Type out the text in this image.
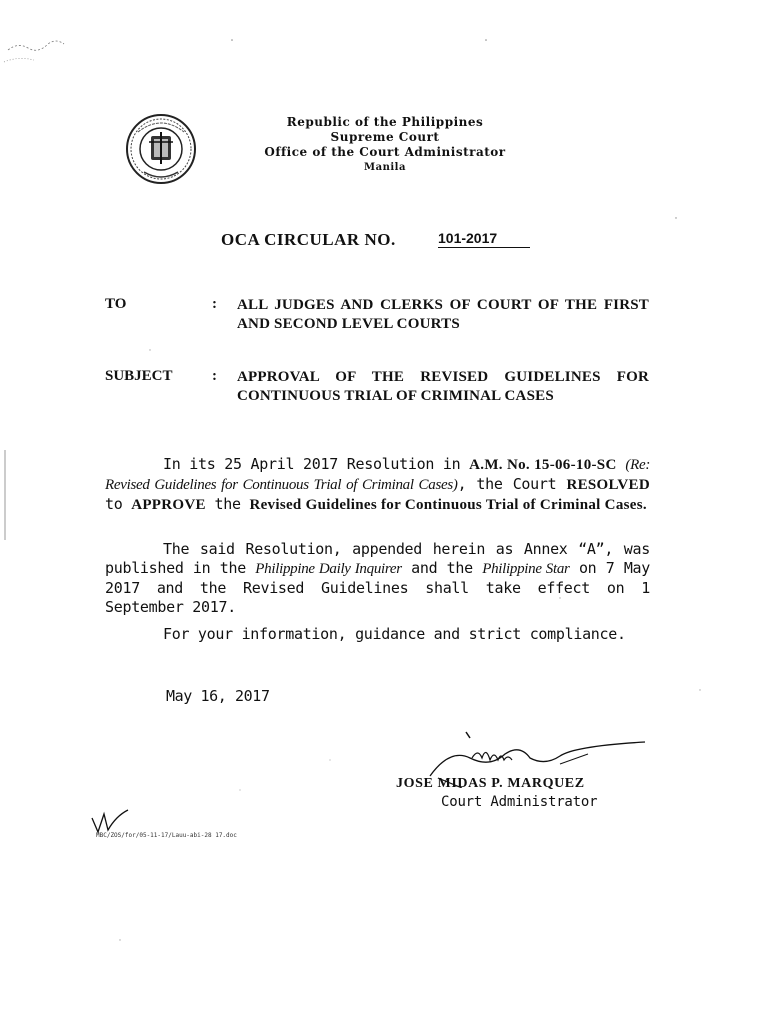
Republic of the Philippines
Supreme Court
Office of the Court Administrator
Manila
OCA CIRCULAR NO.	101-2017
TO	: ALL JUDGES AND CLERKS OF COURT OF THE FIRST AND SECOND LEVEL COURTS
SUBJECT	: APPROVAL OF THE REVISED GUIDELINES FOR CONTINUOUS TRIAL OF CRIMINAL CASES
In its 25 April 2017 Resolution in A.M. No. 15-06-10-SC (Re: Revised Guidelines for Continuous Trial of Criminal Cases), the Court RESOLVED to APPROVE the Revised Guidelines for Continuous Trial of Criminal Cases.
The said Resolution, appended herein as Annex “A”, was published in the Philippine Daily Inquirer and the Philippine Star on 7 May 2017 and the Revised Guidelines shall take effect on 1 September 2017.
For your information, guidance and strict compliance.
May 16, 2017
JOSE MIDAS P. MARQUEZ
Court Administrator
MBC/ZOS/for/05-11-17/Lauu-abi-28 17.doc
